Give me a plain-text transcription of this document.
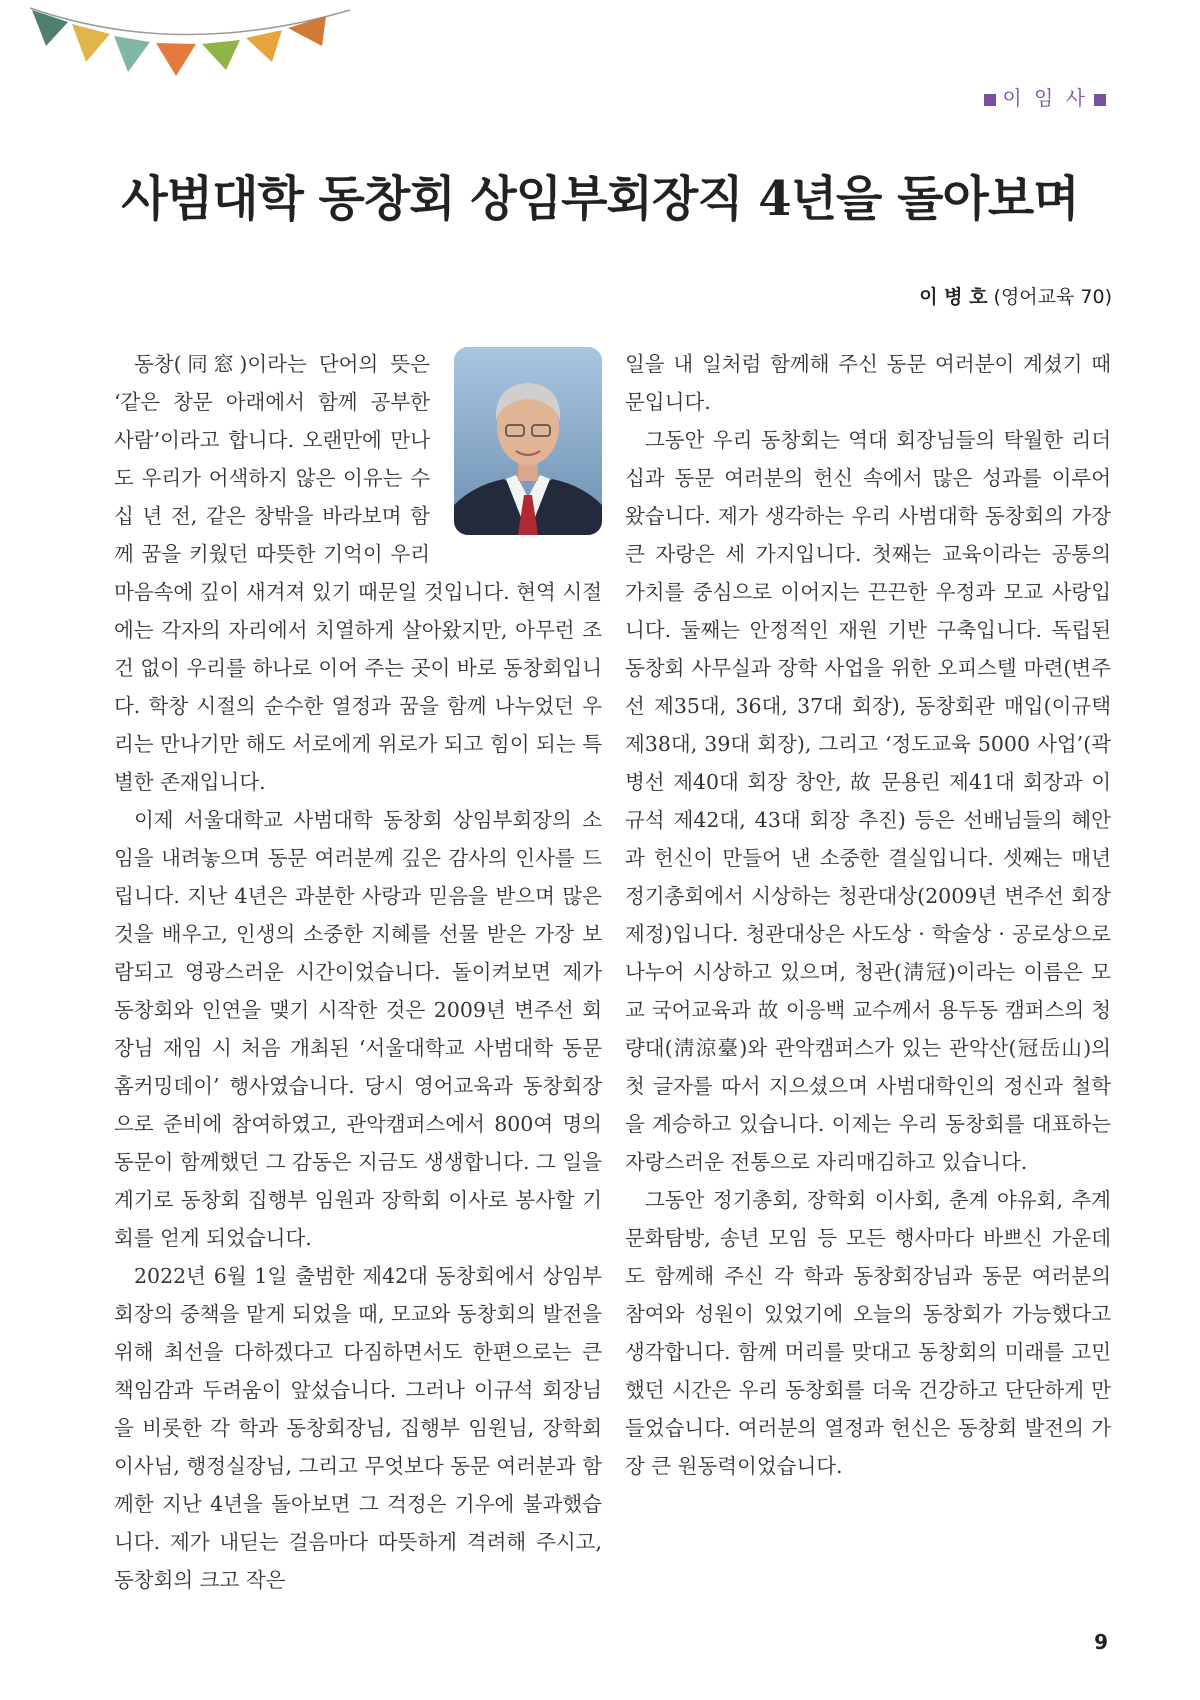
이 임 사
사범대학 동창회 상임부회장직 4년을 돌아보며
이 병 호 (영어교육 70)

동창(同窓)이라는 단어의 뜻은 ‘같은 창문 아래에서 함께 공부한 사람’이라고 합니다. 오랜만에 만나도 우리가 어색하지 않은 이유는 수십 년 전, 같은 창밖을 바라보며 함께 꿈을 키웠던 따뜻한 기억이 우리 마음속에 깊이 새겨져 있기 때문일 것입니다. 현역 시절에는 각자의 자리에서 치열하게 살아왔지만, 아무런 조건 없이 우리를 하나로 이어 주는 곳이 바로 동창회입니다. 학창 시절의 순수한 열정과 꿈을 함께 나누었던 우리는 만나기만 해도 서로에게 위로가 되고 힘이 되는 특별한 존재입니다.

이제 서울대학교 사범대학 동창회 상임부회장의 소임을 내려놓으며 동문 여러분께 깊은 감사의 인사를 드립니다. 지난 4년은 과분한 사랑과 믿음을 받으며 많은 것을 배우고, 인생의 소중한 지혜를 선물 받은 가장 보람되고 영광스러운 시간이었습니다. 돌이켜보면 제가 동창회와 인연을 맺기 시작한 것은 2009년 변주선 회장님 재임 시 처음 개최된 ‘서울대학교 사범대학 동문 홈커밍데이’ 행사였습니다. 당시 영어교육과 동창회장으로 준비에 참여하였고, 관악캠퍼스에서 800여 명의 동문이 함께했던 그 감동은 지금도 생생합니다. 그 일을 계기로 동창회 집행부 임원과 장학회 이사로 봉사할 기회를 얻게 되었습니다.

2022년 6월 1일 출범한 제42대 동창회에서 상임부회장의 중책을 맡게 되었을 때, 모교와 동창회의 발전을 위해 최선을 다하겠다고 다짐하면서도 한편으로는 큰 책임감과 두려움이 앞섰습니다. 그러나 이규석 회장님을 비롯한 각 학과 동창회장님, 집행부 임원님, 장학회 이사님, 행정실장님, 그리고 무엇보다 동문 여러분과 함께한 지난 4년을 돌아보면 그 걱정은 기우에 불과했습니다. 제가 내딛는 걸음마다 따뜻하게 격려해 주시고, 동창회의 크고 작은

일을 내 일처럼 함께해 주신 동문 여러분이 계셨기 때문입니다.

그동안 우리 동창회는 역대 회장님들의 탁월한 리더십과 동문 여러분의 헌신 속에서 많은 성과를 이루어 왔습니다. 제가 생각하는 우리 사범대학 동창회의 가장 큰 자랑은 세 가지입니다. 첫째는 교육이라는 공통의 가치를 중심으로 이어지는 끈끈한 우정과 모교 사랑입니다. 둘째는 안정적인 재원 기반 구축입니다. 독립된 동창회 사무실과 장학 사업을 위한 오피스텔 마련(변주선 제35대, 36대, 37대 회장), 동창회관 매입(이규택 제38대, 39대 회장), 그리고 ‘정도교육 5000 사업’(곽병선 제40대 회장 창안, 故 문용린 제41대 회장과 이규석 제42대, 43대 회장 추진) 등은 선배님들의 혜안과 헌신이 만들어 낸 소중한 결실입니다. 셋째는 매년 정기총회에서 시상하는 청관대상(2009년 변주선 회장 제정)입니다. 청관대상은 사도상 · 학술상 · 공로상으로 나누어 시상하고 있으며, 청관(淸冠)이라는 이름은 모교 국어교육과 故 이응백 교수께서 용두동 캠퍼스의 청량대(淸涼臺)와 관악캠퍼스가 있는 관악산(冠岳山)의 첫 글자를 따서 지으셨으며 사범대학인의 정신과 철학을 계승하고 있습니다. 이제는 우리 동창회를 대표하는 자랑스러운 전통으로 자리매김하고 있습니다.

그동안 정기총회, 장학회 이사회, 춘계 야유회, 추계 문화탐방, 송년 모임 등 모든 행사마다 바쁘신 가운데도 함께해 주신 각 학과 동창회장님과 동문 여러분의 참여와 성원이 있었기에 오늘의 동창회가 가능했다고 생각합니다. 함께 머리를 맞대고 동창회의 미래를 고민했던 시간은 우리 동창회를 더욱 건강하고 단단하게 만들었습니다. 여러분의 열정과 헌신은 동창회 발전의 가장 큰 원동력이었습니다.

9
